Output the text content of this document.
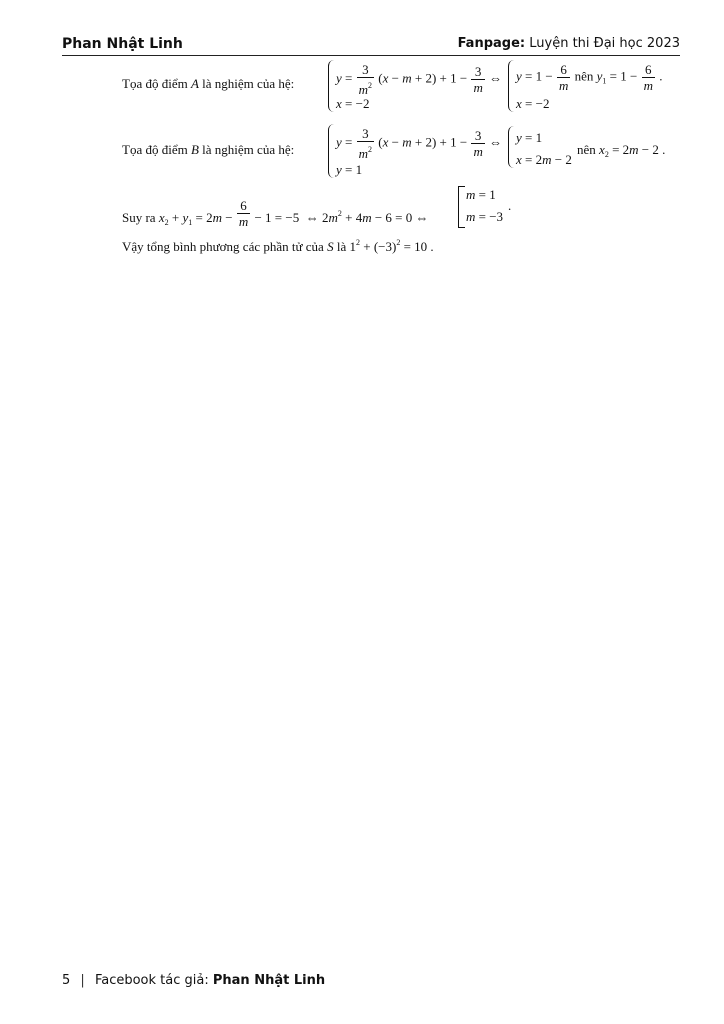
Phan Nhật Linh	Fanpage: Luyện thi Đại học 2023
Tọa độ điểm A là nghiệm của hệ:	$y = \frac{3}{m^2} (x - m + 2) + 1 - \frac{3}{m}$ ⇔
x = −2
$y = 1 - \frac{6}{m}$ nên $y_1 = 1 - \frac{6}{m}$ .
x = −2
Tọa độ điểm B là nghiệm của hệ:
$y = \frac{3}{m^2} (x - m + 2) + 1 - \frac{3}{m}$ ⇔
y = 1
y = 1
x = 2m − 2
nên $x_2 = 2m - 2$ .
Suy ra $x_2 + y_1 = 2m - \frac{6}{m} - 1 = -5$  ⇔ $2m^2 + 4m - 6 = 0$ ⇔
m = 1
m = −3
.
Vậy tổng bình phương các phần tử của S là $1^2 + (-3)^2 = 10$ .
5 | Facebook tác giả: Phan Nhật Linh
